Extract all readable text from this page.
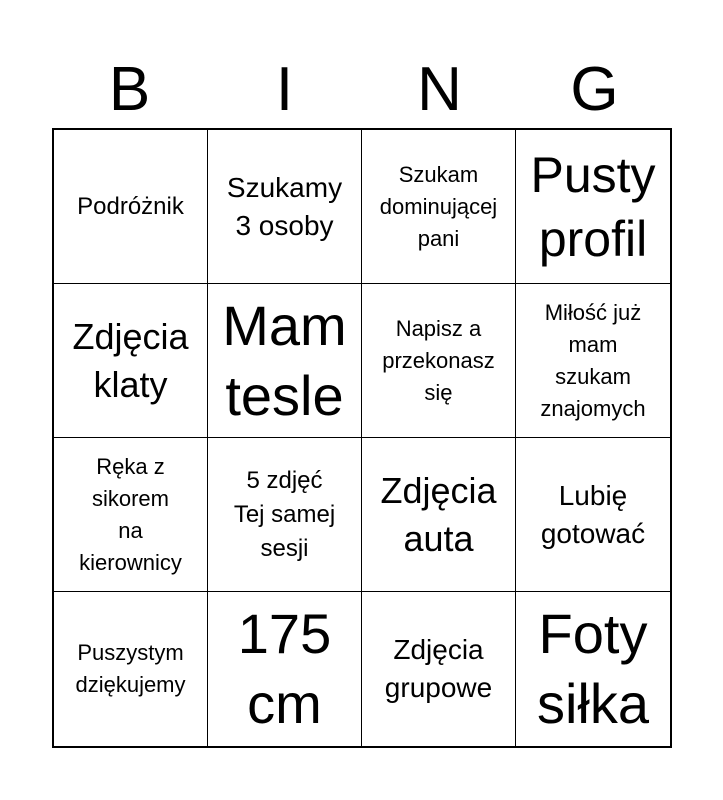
B	I	N	G
Podróżnik
Szukamy
3 osoby
Szukam
dominującej
pani
Pusty
profil
Zdjęcia
klaty
Mam
tesle
Napisz a
przekonasz
się
Miłość już
mam
szukam
znajomych
Ręka z
sikorem
na
kierownicy
5 zdjęć
Tej samej
sesji
Zdjęcia
auta
Lubię
gotować
Puszystym
dziękujemy
175
cm
Zdjęcia
grupowe
Foty
siłka
